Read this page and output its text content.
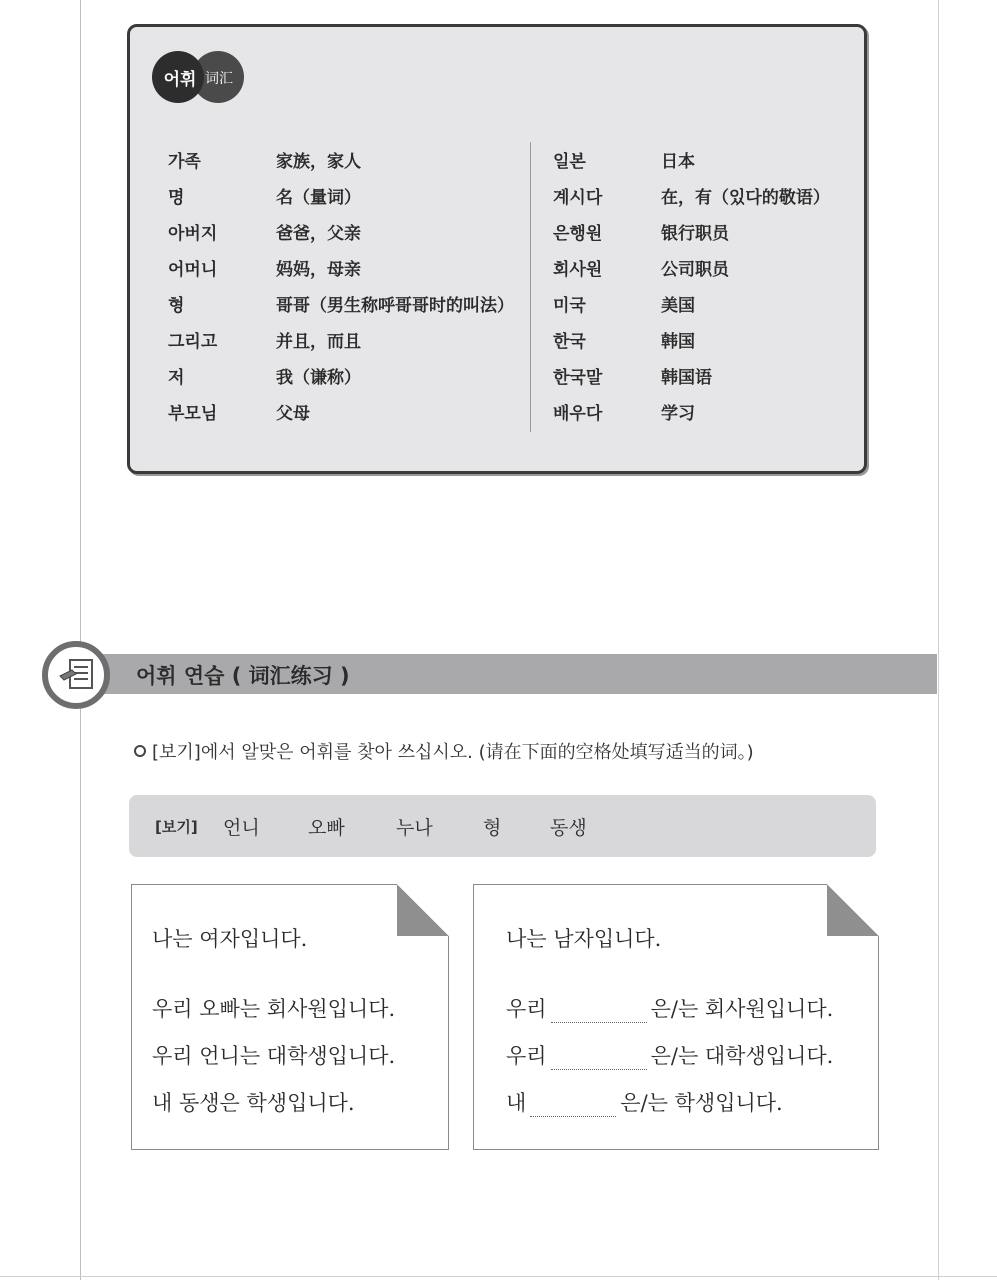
어휘 词汇
가족	家族，家人
명	名（量词）
아버지	爸爸，父亲
어머니	妈妈，母亲
형	哥哥（男生称呼哥哥时的叫法）
그리고	并且，而且
저	我（谦称）
부모님	父母
일본	日本
계시다	在，有（있다的敬语）
은행원	银行职员
회사원	公司职员
미국	美国
한국	韩国
한국말	韩国语
배우다	学习
어휘 연습 ( 词汇练习 )
[보기]에서 알맞은 어휘를 찾아 쓰십시오. (请在下面的空格处填写适当的词。)
[보기] 언니	오빠	누나	형	동생
나는 여자입니다.
우리 오빠는 회사원입니다.
우리 언니는 대학생입니다.
내 동생은 학생입니다.
나는 남자입니다.
우리	은/는 회사원입니다.
우리	은/는 대학생입니다.
내	은/는 학생입니다.
